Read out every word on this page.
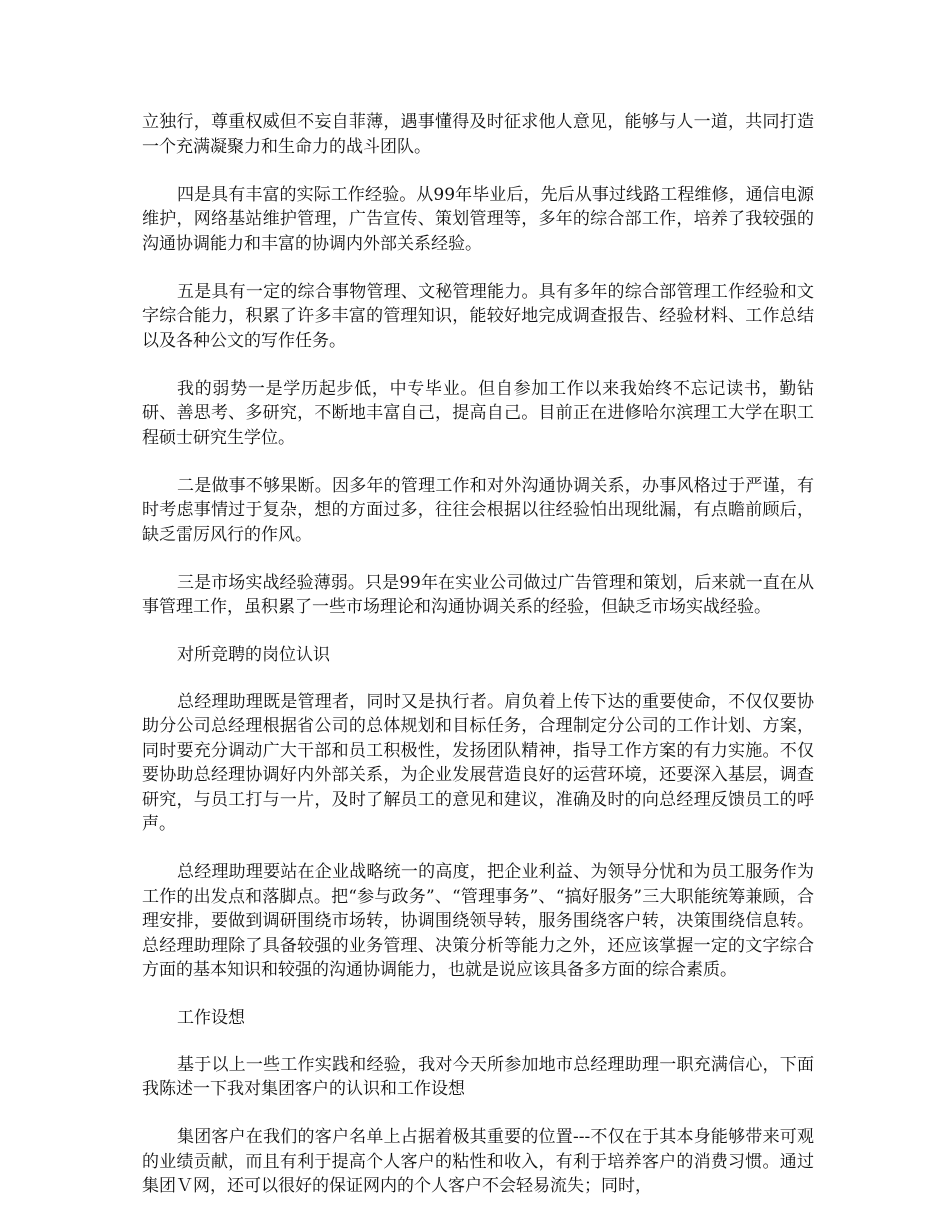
立独行，尊重权威但不妄自菲薄，遇事懂得及时征求他人意见，能够与人一道，共同打造一个充满凝聚力和生命力的战斗团队。

四是具有丰富的实际工作经验。从99年毕业后，先后从事过线路工程维修，通信电源维护，网络基站维护管理，广告宣传、策划管理等，多年的综合部工作，培养了我较强的沟通协调能力和丰富的协调内外部关系经验。

五是具有一定的综合事物管理、文秘管理能力。具有多年的综合部管理工作经验和文字综合能力，积累了许多丰富的管理知识，能较好地完成调查报告、经验材料、工作总结以及各种公文的写作任务。

我的弱势一是学历起步低，中专毕业。但自参加工作以来我始终不忘记读书，勤钻研、善思考、多研究，不断地丰富自己，提高自己。目前正在进修哈尔滨理工大学在职工程硕士研究生学位。

二是做事不够果断。因多年的管理工作和对外沟通协调关系，办事风格过于严谨，有时考虑事情过于复杂，想的方面过多，往往会根据以往经验怕出现纰漏，有点瞻前顾后，缺乏雷厉风行的作风。

三是市场实战经验薄弱。只是99年在实业公司做过广告管理和策划，后来就一直在从事管理工作，虽积累了一些市场理论和沟通协调关系的经验，但缺乏市场实战经验。

对所竞聘的岗位认识

总经理助理既是管理者，同时又是执行者。肩负着上传下达的重要使命，不仅仅要协助分公司总经理根据省公司的总体规划和目标任务，合理制定分公司的工作计划、方案，同时要充分调动广大干部和员工积极性，发扬团队精神，指导工作方案的有力实施。不仅要协助总经理协调好内外部关系，为企业发展营造良好的运营环境，还要深入基层，调查研究，与员工打与一片，及时了解员工的意见和建议，准确及时的向总经理反馈员工的呼声。

总经理助理要站在企业战略统一的高度，把企业利益、为领导分忧和为员工服务作为工作的出发点和落脚点。把“参与政务”、“管理事务”、“搞好服务”三大职能统筹兼顾，合理安排，要做到调研围绕市场转，协调围绕领导转，服务围绕客户转，决策围绕信息转。总经理助理除了具备较强的业务管理、决策分析等能力之外，还应该掌握一定的文字综合方面的基本知识和较强的沟通协调能力，也就是说应该具备多方面的综合素质。

工作设想

基于以上一些工作实践和经验，我对今天所参加地市总经理助理一职充满信心，下面我陈述一下我对集团客户的认识和工作设想

集团客户在我们的客户名单上占据着极其重要的位置---不仅在于其本身能够带来可观的业绩贡献，而且有利于提高个人客户的粘性和收入，有利于培养客户的消费习惯。通过集团Ｖ网，还可以很好的保证网内的个人客户不会轻易流失；同时，
